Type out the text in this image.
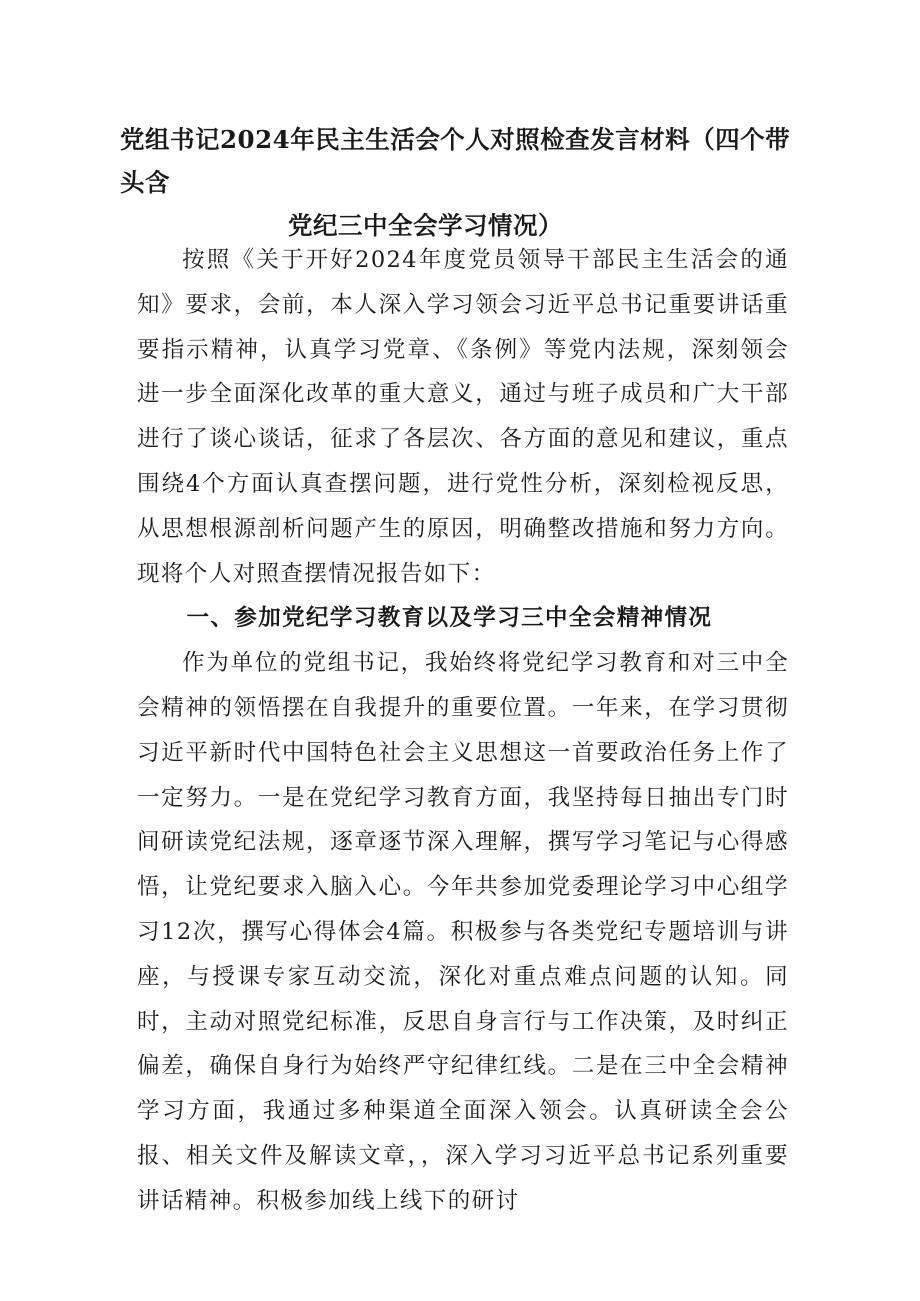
党组书记2024年民主生活会个人对照检查发言材料（四个带头含
党纪三中全会学习情况）

按照《关于开好2024年度党员领导干部民主生活会的通知》要求，会前，本人深入学习领会习近平总书记重要讲话重要指示精神，认真学习党章、《条例》等党内法规，深刻领会进一步全面深化改革的重大意义，通过与班子成员和广大干部进行了谈心谈话，征求了各层次、各方面的意见和建议，重点围绕4个方面认真查摆问题，进行党性分析，深刻检视反思，从思想根源剖析问题产生的原因，明确整改措施和努力方向。现将个人对照查摆情况报告如下：

一、参加党纪学习教育以及学习三中全会精神情况

作为单位的党组书记，我始终将党纪学习教育和对三中全会精神的领悟摆在自我提升的重要位置。一年来，在学习贯彻习近平新时代中国特色社会主义思想这一首要政治任务上作了一定努力。一是在党纪学习教育方面，我坚持每日抽出专门时间研读党纪法规，逐章逐节深入理解，撰写学习笔记与心得感悟，让党纪要求入脑入心。今年共参加党委理论学习中心组学习12次，撰写心得体会4篇。积极参与各类党纪专题培训与讲座，与授课专家互动交流，深化对重点难点问题的认知。同时，主动对照党纪标准，反思自身言行与工作决策，及时纠正偏差，确保自身行为始终严守纪律红线。二是在三中全会精神学习方面，我通过多种渠道全面深入领会。认真研读全会公报、相关文件及解读文章，，深入学习习近平总书记系列重要讲话精神。积极参加线上线下的研讨
